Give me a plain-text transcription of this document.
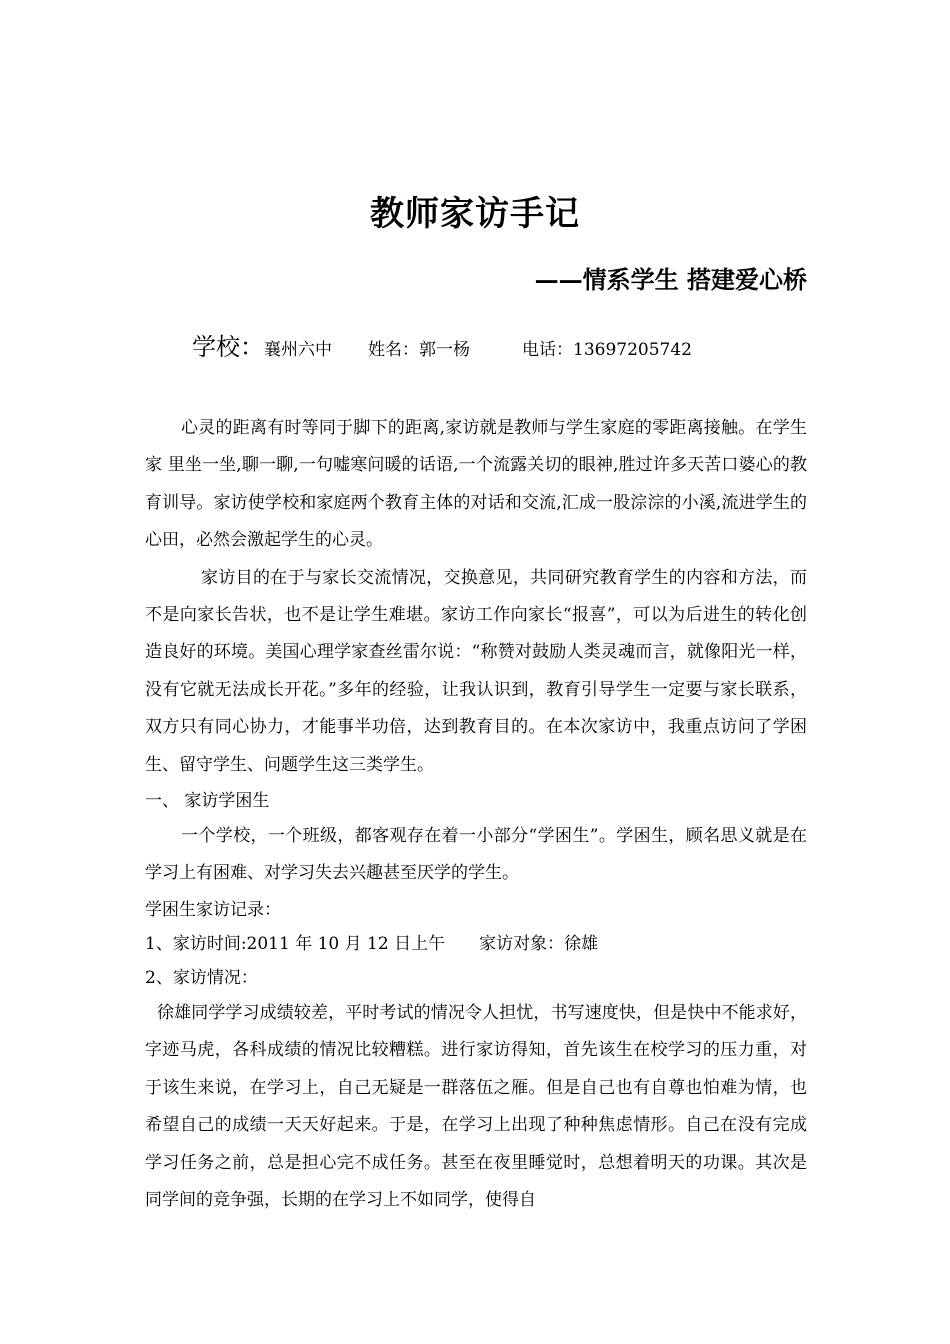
教师家访手记
——情系学生 搭建爱心桥
学校：襄州六中 姓名：郭一杨	电话：13697205742

心灵的距离有时等同于脚下的距离,家访就是教师与学生家庭的零距离接触。在学生家 里坐一坐,聊一聊,一句嘘寒问暖的话语,一个流露关切的眼神,胜过许多天苦口婆心的教育训导。家访使学校和家庭两个教育主体的对话和交流,汇成一股淙淙的小溪,流进学生的心田，必然会激起学生的心灵。

家访目的在于与家长交流情况，交换意见，共同研究教育学生的内容和方法，而不是向家长告状，也不是让学生难堪。家访工作向家长“报喜”，可以为后进生的转化创造良好的环境。美国心理学家查丝雷尔说：“称赞对鼓励人类灵魂而言，就像阳光一样，没有它就无法成长开花。”多年的经验，让我认识到，教育引导学生一定要与家长联系，双方只有同心协力，才能事半功倍，达到教育目的。在本次家访中，我重点访问了学困生、留守学生、问题学生这三类学生。

一、 家访学困生

一个学校，一个班级，都客观存在着一小部分“学困生”。学困生，顾名思义就是在学习上有困难、对学习失去兴趣甚至厌学的学生。

学困生家访记录：

1、家访时间:2011 年 10 月 12 日上午　　家访对象：徐雄

2、家访情况：

徐雄同学学习成绩较差，平时考试的情况令人担忧，书写速度快，但是快中不能求好，字迹马虎，各科成绩的情况比较糟糕。进行家访得知，首先该生在校学习的压力重，对于该生来说，在学习上，自己无疑是一群落伍之雁。但是自己也有自尊也怕难为情，也希望自己的成绩一天天好起来。于是，在学习上出现了种种焦虑情形。自己在没有完成学习任务之前，总是担心完不成任务。甚至在夜里睡觉时，总想着明天的功课。其次是同学间的竞争强，长期的在学习上不如同学，使得自
